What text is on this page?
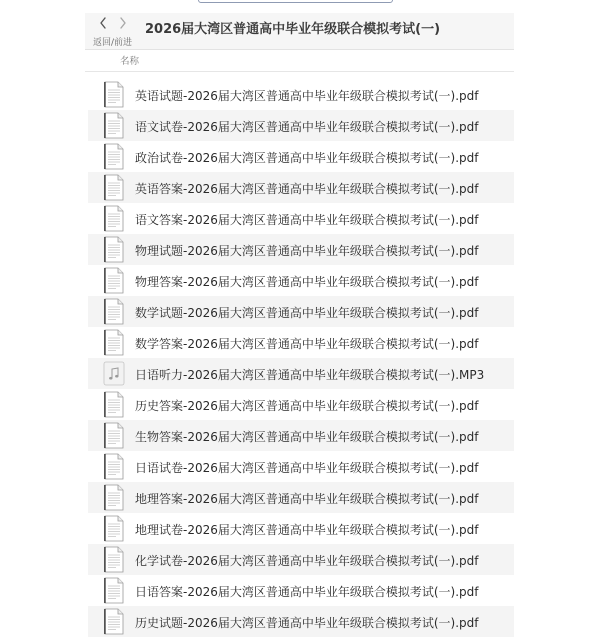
返回/前进
2026届大湾区普通高中毕业年级联合模拟考试(一)
名称
英语试题-2026届大湾区普通高中毕业年级联合模拟考试(一).pdf
语文试卷-2026届大湾区普通高中毕业年级联合模拟考试(一).pdf
政治试卷-2026届大湾区普通高中毕业年级联合模拟考试(一).pdf
英语答案-2026届大湾区普通高中毕业年级联合模拟考试(一).pdf
语文答案-2026届大湾区普通高中毕业年级联合模拟考试(一).pdf
物理试题-2026届大湾区普通高中毕业年级联合模拟考试(一).pdf
物理答案-2026届大湾区普通高中毕业年级联合模拟考试(一).pdf
数学试题-2026届大湾区普通高中毕业年级联合模拟考试(一).pdf
数学答案-2026届大湾区普通高中毕业年级联合模拟考试(一).pdf
日语听力-2026届大湾区普通高中毕业年级联合模拟考试(一).MP3
历史答案-2026届大湾区普通高中毕业年级联合模拟考试(一).pdf
生物答案-2026届大湾区普通高中毕业年级联合模拟考试(一).pdf
日语试卷-2026届大湾区普通高中毕业年级联合模拟考试(一).pdf
地理答案-2026届大湾区普通高中毕业年级联合模拟考试(一).pdf
地理试卷-2026届大湾区普通高中毕业年级联合模拟考试(一).pdf
化学试卷-2026届大湾区普通高中毕业年级联合模拟考试(一).pdf
日语答案-2026届大湾区普通高中毕业年级联合模拟考试(一).pdf
历史试题-2026届大湾区普通高中毕业年级联合模拟考试(一).pdf
